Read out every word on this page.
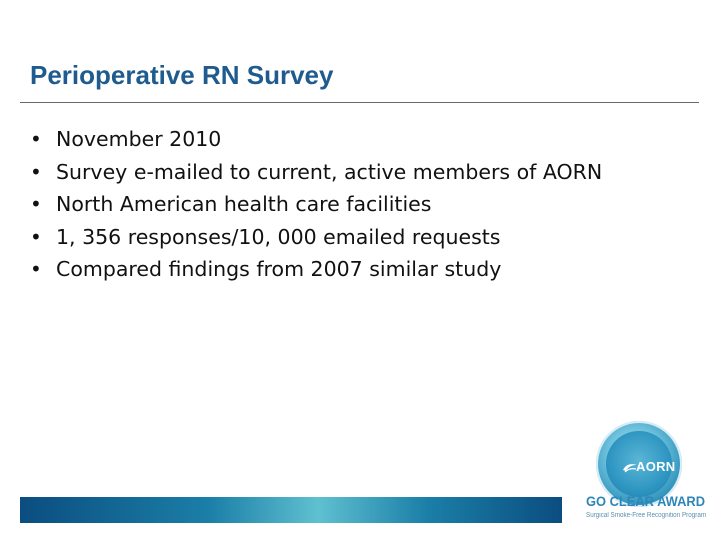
Perioperative RN Survey
• November 2010
• Survey e-mailed to current, active members of AORN
• North American health care facilities
• 1, 356 responses/10, 000 emailed requests
• Compared findings from 2007 similar study
AORN
GO CLEAR AWARD
Surgical Smoke-Free Recognition Program
